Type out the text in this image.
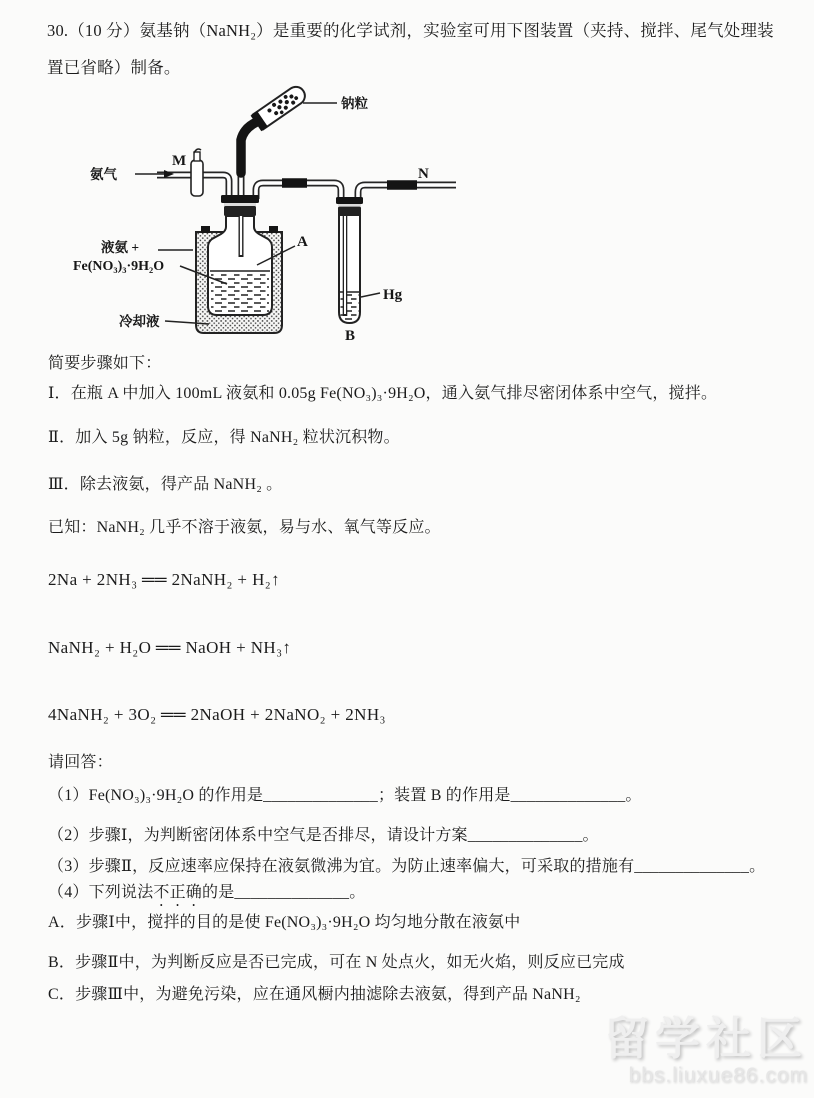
30.（10 分）氨基钠（NaNH₂）是重要的化学试剂，实验室可用下图装置（夹持、搅拌、尾气处理装置已省略）制备。
氨气
M
N
钠粒
液氨 +
Fe(NO₃)₃·9H₂O
冷却液
A
Hg
B
简要步骤如下：
Ⅰ．在瓶 A 中加入 100mL 液氨和 0.05g Fe(NO₃)₃·9H₂O，通入氨气排尽密闭体系中空气，搅拌。
Ⅱ．加入 5g 钠粒，反应，得 NaNH₂ 粒状沉积物。
Ⅲ．除去液氨，得产品 NaNH₂ 。
已知：NaNH₂ 几乎不溶于液氨，易与水、氧气等反应。
2Na + 2NH₃ ══ 2NaNH₂ + H₂↑
NaNH₂ + H₂O ══ NaOH + NH₃↑
4NaNH₂ + 3O₂ ══ 2NaOH + 2NaNO₂ + 2NH₃
请回答：
（1）Fe(NO₃)₃·9H₂O 的作用是______________；装置 B 的作用是______________。
（2）步骤Ⅰ，为判断密闭体系中空气是否排尽，请设计方案______________。
（3）步骤Ⅱ，反应速率应保持在液氨微沸为宜。为防止速率偏大，可采取的措施有______________。
（4）下列说法不正确的是______________。
A．步骤Ⅰ中，搅拌的目的是使 Fe(NO₃)₃·9H₂O 均匀地分散在液氨中
B．步骤Ⅱ中，为判断反应是否已完成，可在 N 处点火，如无火焰，则反应已完成
C．步骤Ⅲ中，为避免污染，应在通风橱内抽滤除去液氨，得到产品 NaNH₂
留学社区
bbs.liuxue86.com
